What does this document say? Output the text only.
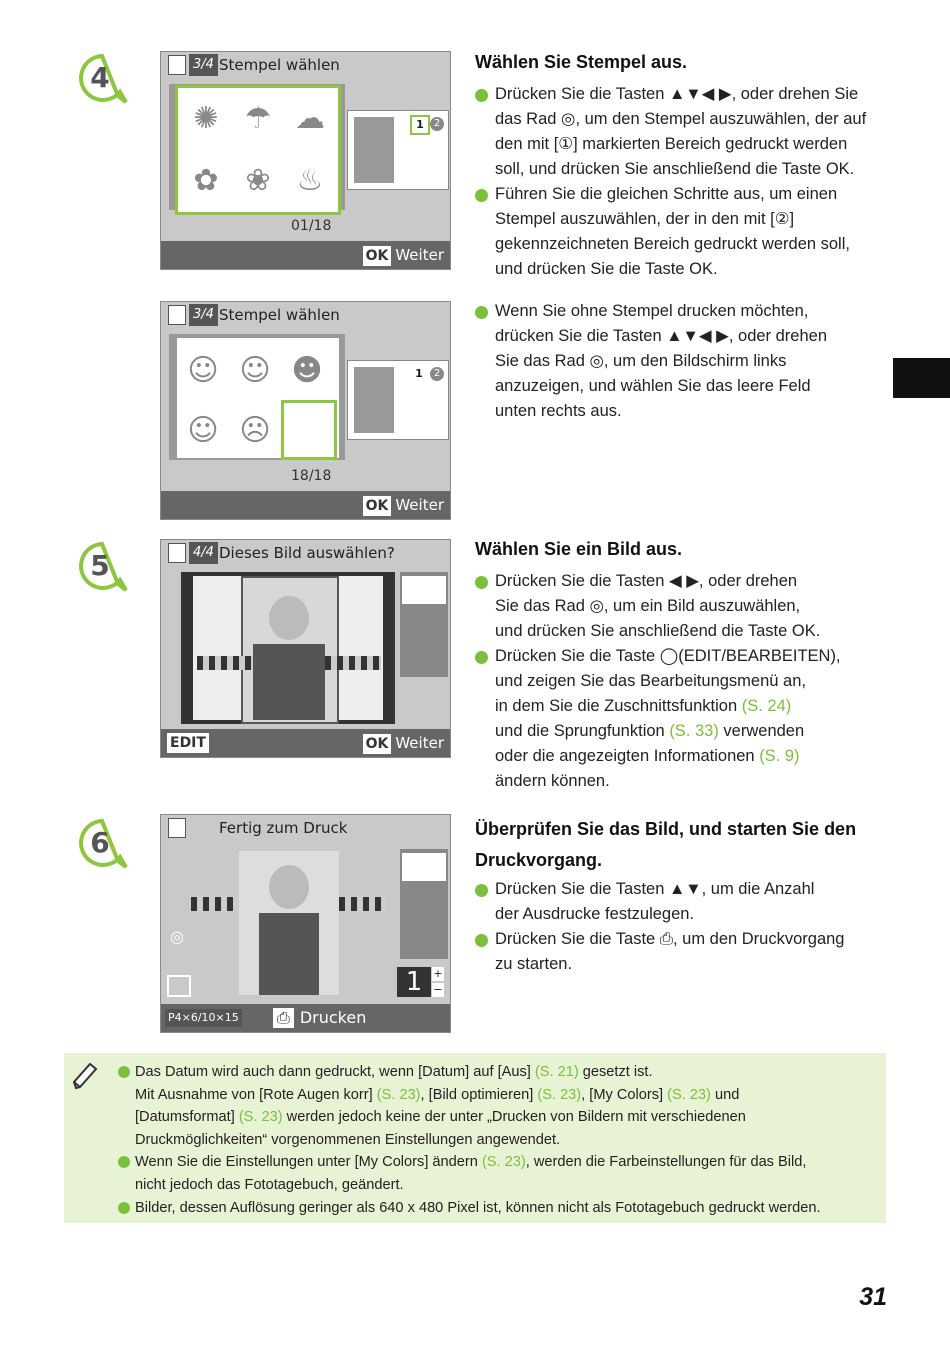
4
5
6
3/4 Stempel wählen
✺ ☂ ☁
✿ ❀ ♨
1 2
01/18
OK Weiter
3/4 Stempel wählen
☺ ☺ ☻
☺ ☹
1	2
18/18
OK Weiter
4/4 Dieses Bild auswählen?
EDIT	OK Weiter
Fertig zum Druck
◎
1	+
−
P4×6/10×15 ⎙ Drucken
Wählen Sie Stempel aus.
Drücken Sie die Tasten ▲▼◀ ▶, oder drehen Sie
das Rad ◎, um den Stempel auszuwählen, der auf
den mit [①] markierten Bereich gedruckt werden
soll, und drücken Sie anschließend die Taste OK.
Führen Sie die gleichen Schritte aus, um einen
Stempel auszuwählen, der in den mit [②]
gekennzeichneten Bereich gedruckt werden soll,
und drücken Sie die Taste OK.
Wenn Sie ohne Stempel drucken möchten,
drücken Sie die Tasten ▲▼◀ ▶, oder drehen
Sie das Rad ◎, um den Bildschirm links
anzuzeigen, und wählen Sie das leere Feld
unten rechts aus.
Wählen Sie ein Bild aus.
Drücken Sie die Tasten ◀ ▶, oder drehen
Sie das Rad ◎, um ein Bild auszuwählen,
und drücken Sie anschließend die Taste OK.
Drücken Sie die Taste ◯(EDIT/BEARBEITEN),
und zeigen Sie das Bearbeitungsmenü an,
in dem Sie die Zuschnittsfunktion (S. 24)
und die Sprungfunktion (S. 33) verwenden
oder die angezeigten Informationen (S. 9)
ändern können.
Überprüfen Sie das Bild, und starten Sie den Druckvorgang.
Drücken Sie die Tasten ▲▼, um die Anzahl
der Ausdrucke festzulegen.
Drücken Sie die Taste ⎙, um den Druckvorgang
zu starten.
Das Datum wird auch dann gedruckt, wenn [Datum] auf [Aus] (S. 21) gesetzt ist.
Mit Ausnahme von [Rote Augen korr] (S. 23), [Bild optimieren] (S. 23), [My Colors] (S. 23) und
[Datumsformat] (S. 23) werden jedoch keine der unter „Drucken von Bildern mit verschiedenen
Druckmöglichkeiten“ vorgenommenen Einstellungen angewendet.
Wenn Sie die Einstellungen unter [My Colors] ändern (S. 23), werden die Farbeinstellungen für das Bild,
nicht jedoch das Fototagebuch, geändert.
Bilder, dessen Auflösung geringer als 640 x 480 Pixel ist, können nicht als Fototagebuch gedruckt werden.
31
